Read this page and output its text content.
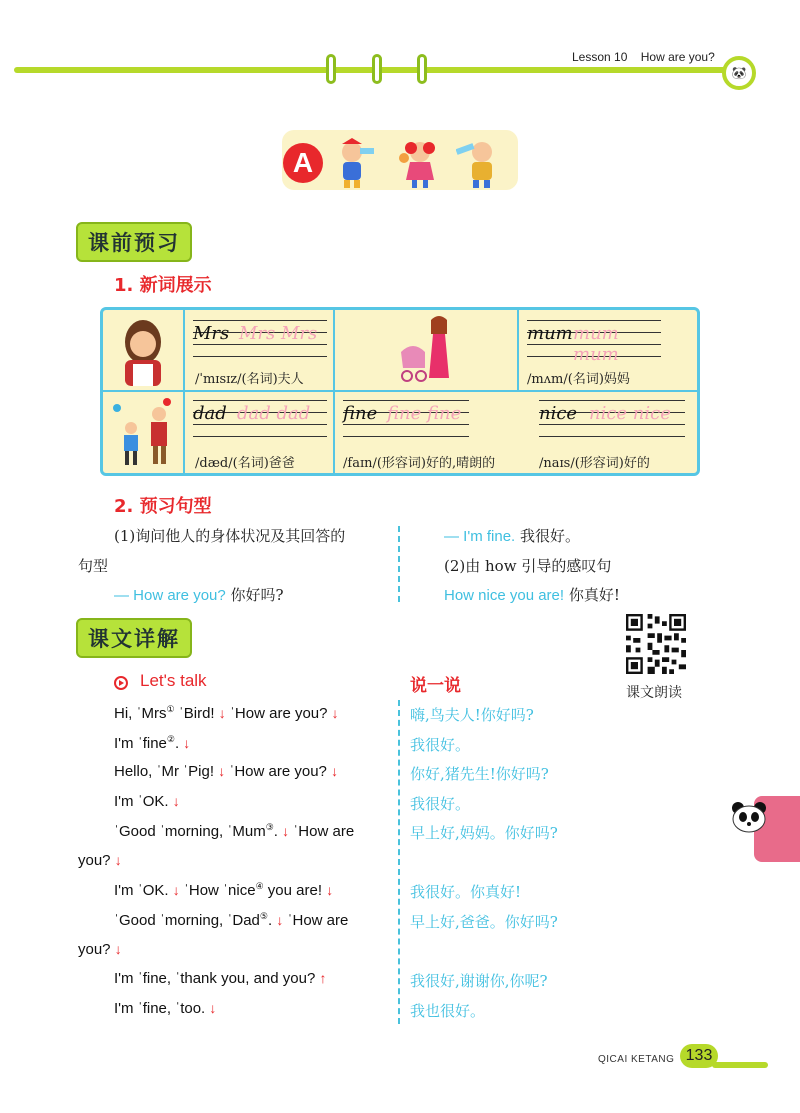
Lesson 10 How are you?
🐼
A
课前预习
1. 新词展示
Mrs Mrs Mrs
/ˈmɪsɪz/(名词)夫人
mum mum mum
/mʌm/(名词)妈妈
dad dad dad
/dæd/(名词)爸爸
fine fine fine
/faɪn/(形容词)好的,晴朗的
nice nice nice
/naɪs/(形容词)好的
2. 预习句型
(1)询问他人的身体状况及其回答的
句型
— How are you? 你好吗?
— I'm fine. 我很好。
(2)由 how 引导的感叹句
How nice you are! 你真好!
课文详解
课文朗读
Let's talk	说一说
Hi, ˈMrs① ˈBird! ↓ ˈHow are you? ↓	嗨,鸟夫人!你好吗?
I'm ˈfine②. ↓	我很好。
Hello, ˈMr ˈPig! ↓ ˈHow are you? ↓	你好,猪先生!你好吗?
I'm ˈOK. ↓	我很好。
ˈGood ˈmorning, ˈMum③. ↓ ˈHow are	早上好,妈妈。你好吗?
you? ↓
I'm ˈOK. ↓ ˈHow ˈnice④ you are! ↓	我很好。你真好!
ˈGood ˈmorning, ˈDad⑤. ↓ ˈHow are	早上好,爸爸。你好吗?
you? ↓
I'm ˈfine, ˈthank you, and you? ↑	我很好,谢谢你,你呢?
I'm ˈfine, ˈtoo. ↓	我也很好。
QICAI KETANG 133
